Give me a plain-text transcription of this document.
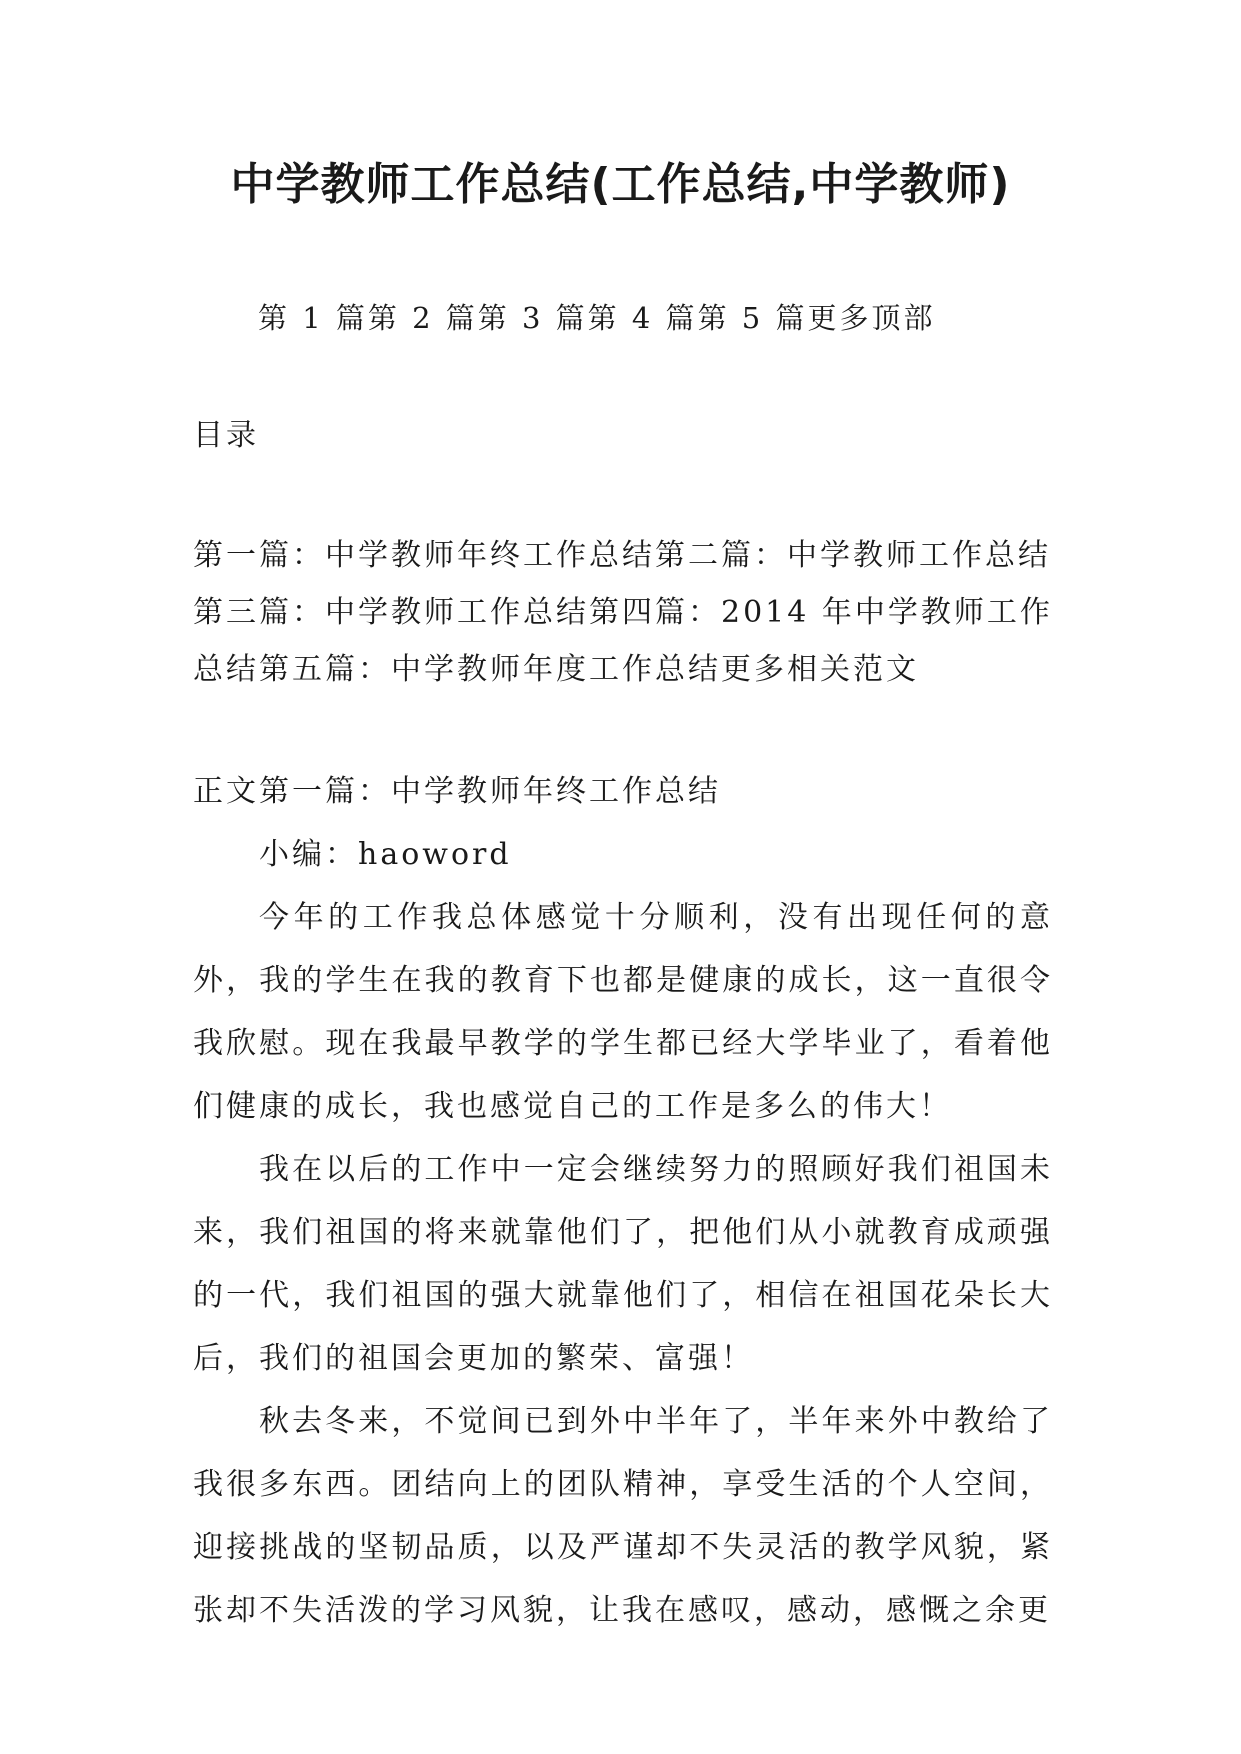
中学教师工作总结(工作总结,中学教师)
第 1 篇第 2 篇第 3 篇第 4 篇第 5 篇更多顶部
目录
第一篇：中学教师年终工作总结第二篇：中学教师工作总结第三篇：中学教师工作总结第四篇：2014 年中学教师工作总结第五篇：中学教师年度工作总结更多相关范文

正文第一篇：中学教师年终工作总结

小编：haoword

今年的工作我总体感觉十分顺利，没有出现任何的意外，我的学生在我的教育下也都是健康的成长，这一直很令我欣慰。现在我最早教学的学生都已经大学毕业了，看着他们健康的成长，我也感觉自己的工作是多么的伟大！

我在以后的工作中一定会继续努力的照顾好我们祖国未来，我们祖国的将来就靠他们了，把他们从小就教育成顽强的一代，我们祖国的强大就靠他们了，相信在祖国花朵长大后，我们的祖国会更加的繁荣、富强！

秋去冬来，不觉间已到外中半年了，半年来外中教给了我很多东西。团结向上的团队精神，享受生活的个人空间，迎接挑战的坚韧品质，以及严谨却不失灵活的教学风貌，紧张却不失活泼的学习风貌，让我在感叹，感动，感慨之余更
